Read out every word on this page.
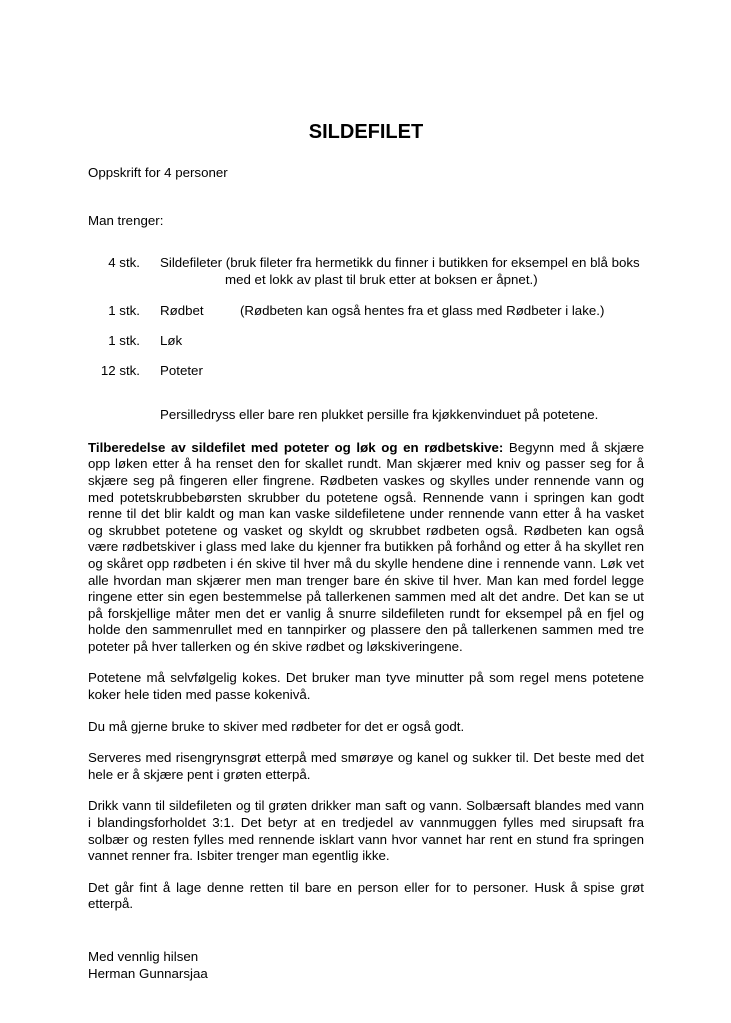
SILDEFILET
Oppskrift for 4 personer
Man trenger:
4 stk. Sildefileter (bruk fileter fra hermetikk du finner i butikken for eksempel en blå boks med et lokk av plast til bruk etter at boksen er åpnet.)
1 stk. Rødbet	(Rødbeten kan også hentes fra et glass med Rødbeter i lake.)
1 stk. Løk
12 stk. Poteter
Persilledryss eller bare ren plukket persille fra kjøkkenvinduet på potetene.

Tilberedelse av sildefilet med poteter og løk og en rødbetskive: Begynn med å skjære opp løken etter å ha renset den for skallet rundt. Man skjærer med kniv og passer seg for å skjære seg på fingeren eller fingrene. Rødbeten vaskes og skylles under rennende vann og med potetskrubbebørsten skrubber du potetene også. Rennende vann i springen kan godt renne til det blir kaldt og man kan vaske sildefiletene under rennende vann etter å ha vasket og skrubbet potetene og vasket og skyldt og skrubbet rødbeten også. Rødbeten kan også være rødbetskiver i glass med lake du kjenner fra butikken på forhånd og etter å ha skyllet ren og skåret opp rødbeten i én skive til hver må du skylle hendene dine i rennende vann. Løk vet alle hvordan man skjærer men man trenger bare én skive til hver. Man kan med fordel legge ringene etter sin egen bestemmelse på tallerkenen sammen med alt det andre. Det kan se ut på forskjellige måter men det er vanlig å snurre sildefileten rundt for eksempel på en fjel og holde den sammenrullet med en tannpirker og plassere den på tallerkenen sammen med tre poteter på hver tallerken og én skive rødbet og løkskiveringene.

Potetene må selvfølgelig kokes. Det bruker man tyve minutter på som regel mens potetene koker hele tiden med passe kokenivå.

Du må gjerne bruke to skiver med rødbeter for det er også godt.

Serveres med risengrynsgrøt etterpå med smørøye og kanel og sukker til. Det beste med det hele er å skjære pent i grøten etterpå.

Drikk vann til sildefileten og til grøten drikker man saft og vann. Solbærsaft blandes med vann i blandingsforholdet 3:1. Det betyr at en tredjedel av vannmuggen fylles med sirupsaft fra solbær og resten fylles med rennende isklart vann hvor vannet har rent en stund fra springen vannet renner fra. Isbiter trenger man egentlig ikke.

Det går fint å lage denne retten til bare en person eller for to personer. Husk å spise grøt etterpå.

Med vennlig hilsen
Herman Gunnarsjaa
